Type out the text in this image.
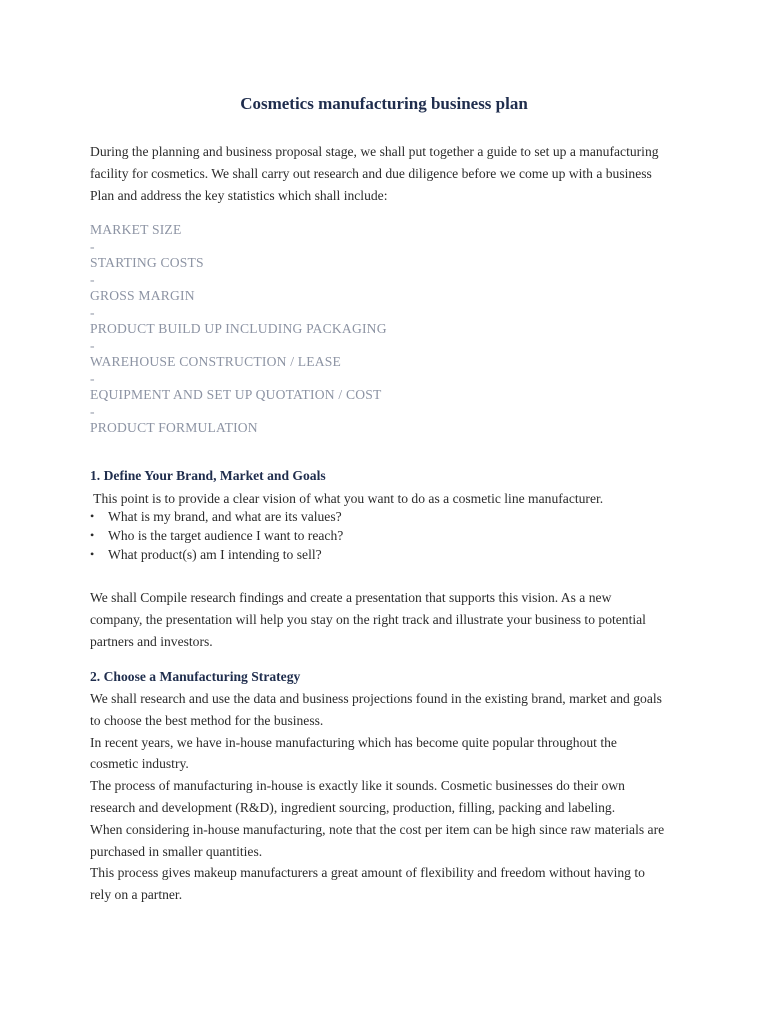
Cosmetics manufacturing business plan
During the planning and business proposal stage, we shall put together a guide to set up a manufacturing
facility for cosmetics. We shall carry out research and due diligence before we come up with a business
Plan and address the key statistics which shall include:
MARKET SIZE
-
STARTING COSTS
-
GROSS MARGIN
-
PRODUCT BUILD UP INCLUDING PACKAGING
-
WAREHOUSE CONSTRUCTION / LEASE
-
EQUIPMENT AND SET UP QUOTATION / COST
-
PRODUCT FORMULATION
1. Define Your Brand, Market and Goals
This point is to provide a clear vision of what you want to do as a cosmetic line manufacturer.
• What is my brand, and what are its values?
• Who is the target audience I want to reach?
• What product(s) am I intending to sell?
We shall Compile research findings and create a presentation that supports this vision. As a new
company, the presentation will help you stay on the right track and illustrate your business to potential
partners and investors.
2. Choose a Manufacturing Strategy
We shall research and use the data and business projections found in the existing brand, market and goals
to choose the best method for the business.
In recent years, we have in-house manufacturing which has become quite popular throughout the
cosmetic industry.
The process of manufacturing in-house is exactly like it sounds. Cosmetic businesses do their own
research and development (R&D), ingredient sourcing, production, filling, packing and labeling.
When considering in-house manufacturing, note that the cost per item can be high since raw materials are
purchased in smaller quantities.
This process gives makeup manufacturers a great amount of flexibility and freedom without having to
rely on a partner.
